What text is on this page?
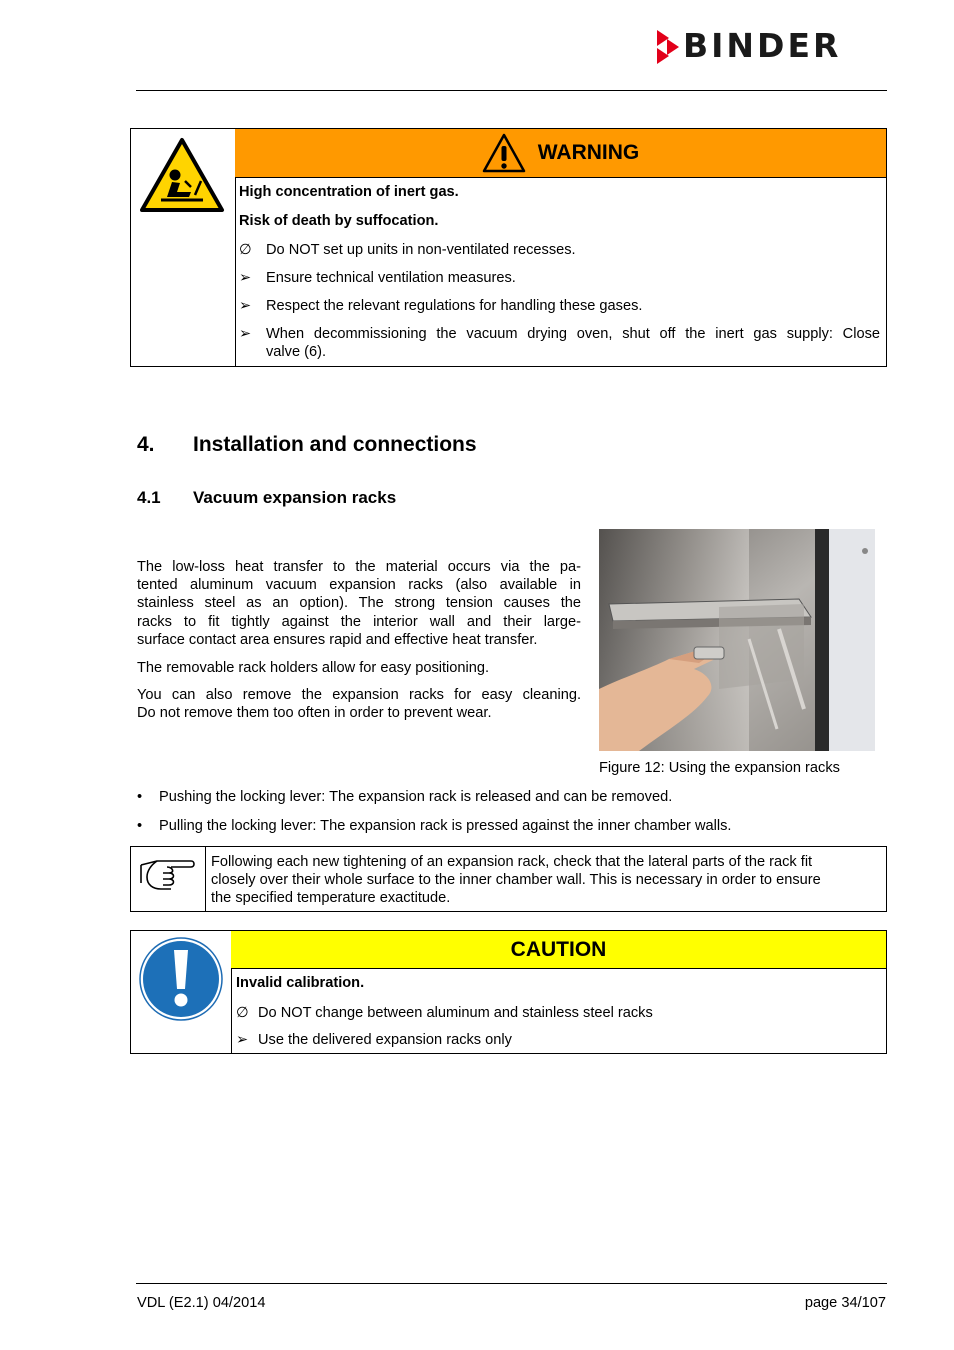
BINDER
WARNING
High concentration of inert gas.
Risk of death by suffocation.
∅ Do NOT set up units in non-ventilated recesses.
➢	Ensure technical ventilation measures.
➢	Respect the relevant regulations for handling these gases.
➢	When decommissioning the vacuum drying oven, shut off the inert gas supply: Close
valve (6).
4. Installation and connections
4.1 Vacuum expansion racks
The low-loss heat transfer to the material occurs via the pa-
tented aluminum vacuum expansion racks (also available in
stainless steel as an option). The strong tension causes the
racks to fit tightly against the interior wall and their large-
surface contact area ensures rapid and effective heat transfer.
The removable rack holders allow for easy positioning.
You can also remove the expansion racks for easy cleaning.
Do not remove them too often in order to prevent wear.
Figure 12: Using the expansion racks
• Pushing the locking lever: The expansion rack is released and can be removed.
• Pulling the locking lever: The expansion rack is pressed against the inner chamber walls.
Following each new tightening of an expansion rack, check that the lateral parts of the rack fit
closely over their whole surface to the inner chamber wall. This is necessary in order to ensure
the specified temperature exactitude.
CAUTION
Invalid calibration.
∅ Do NOT change between aluminum and stainless steel racks
➢ Use the delivered expansion racks only
VDL (E2.1) 04/2014	page 34/107
